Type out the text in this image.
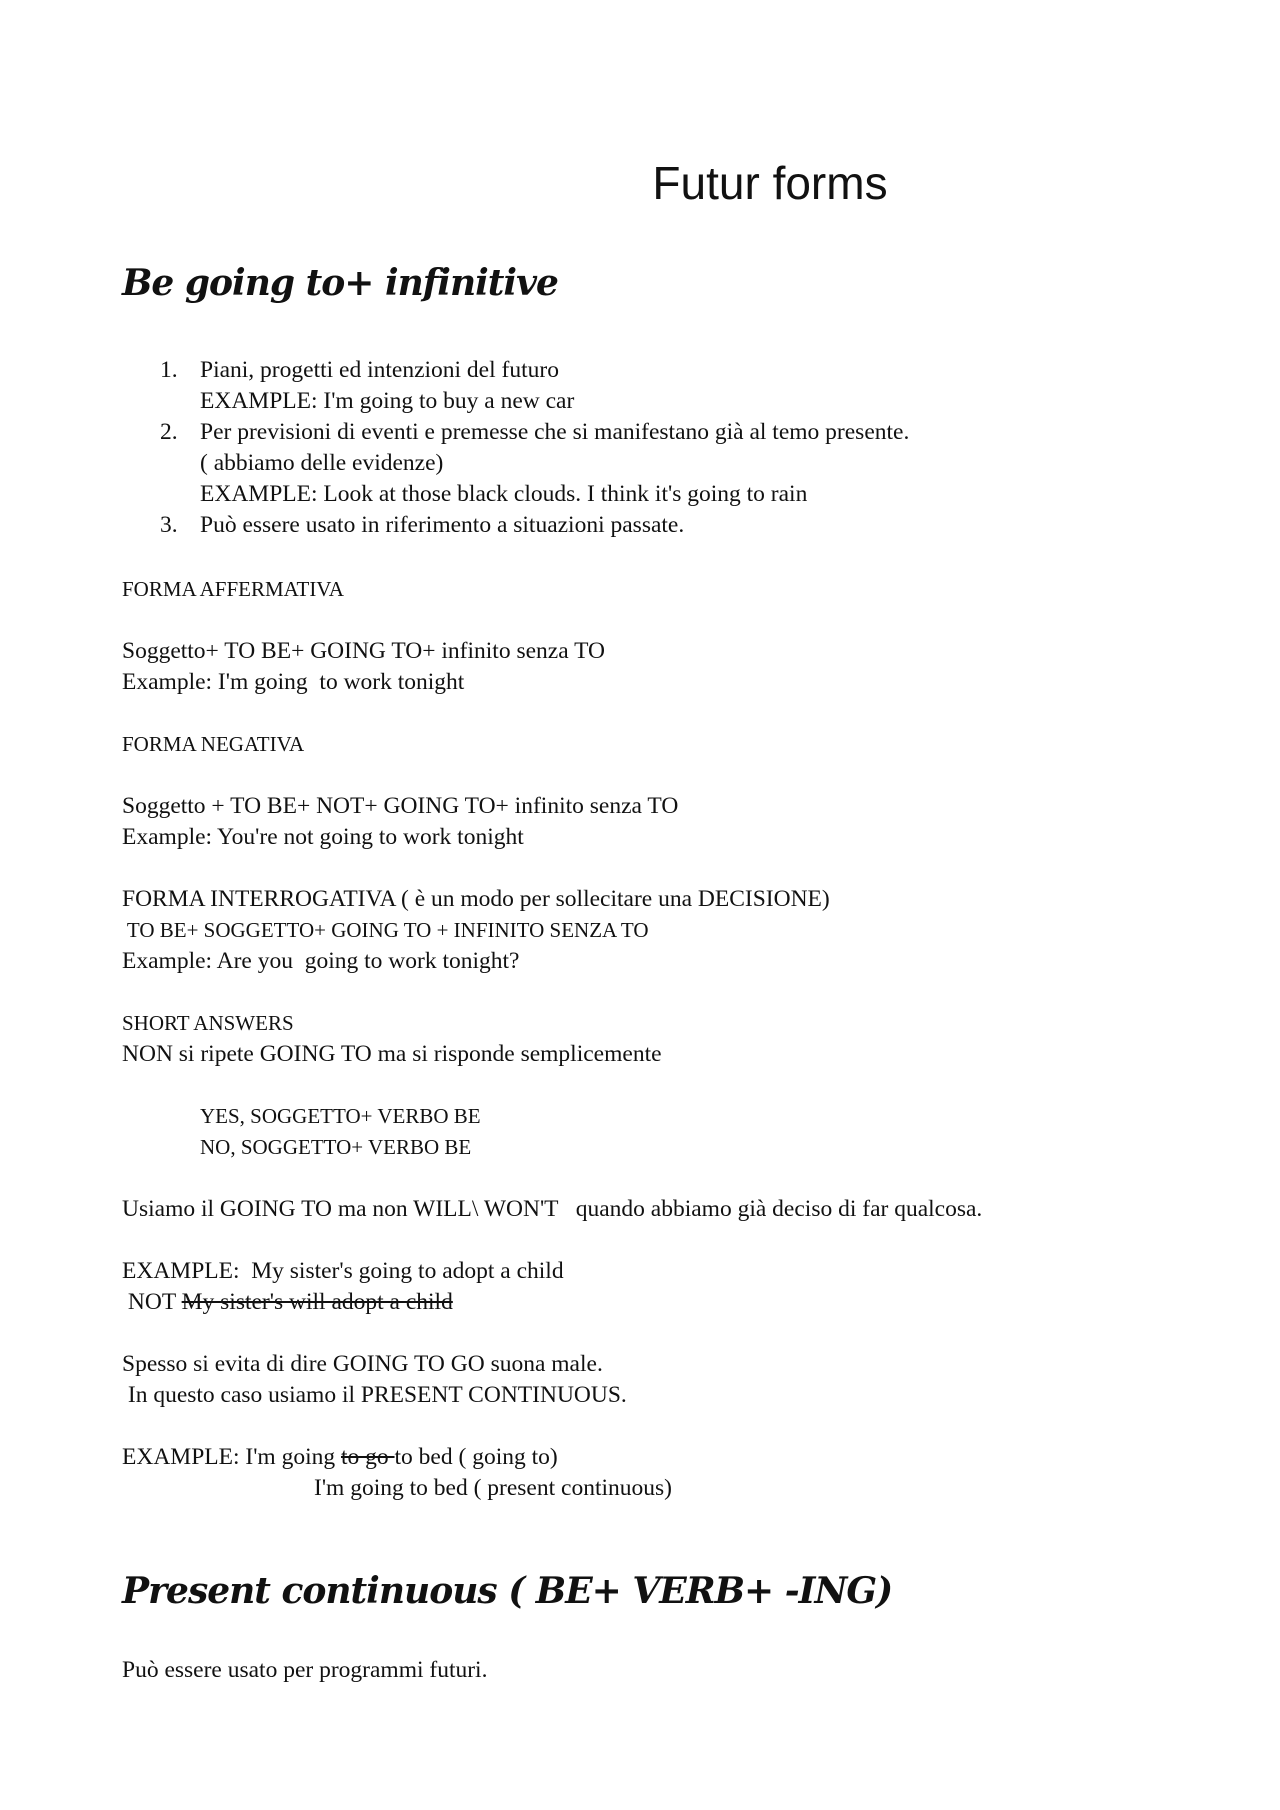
Futur forms
Be going to+ infinitive
1. Piani, progetti ed intenzioni del futuro
EXAMPLE: I'm going to buy a new car
2. Per previsioni di eventi e premesse che si manifestano già al temo presente.
( abbiamo delle evidenze)
EXAMPLE: Look at those black clouds. I think it's going to rain
3. Può essere usato in riferimento a situazioni passate.
FORMA AFFERMATIVA
Soggetto+ TO BE+ GOING TO+ infinito senza TO
Example: I'm going  to work tonight
FORMA NEGATIVA
Soggetto + TO BE+ NOT+ GOING TO+ infinito senza TO
Example: You're not going to work tonight
FORMA INTERROGATIVA ( è un modo per sollecitare una DECISIONE)
TO BE+ SOGGETTO+ GOING TO + INFINITO SENZA TO
Example: Are you  going to work tonight?
SHORT ANSWERS
NON si ripete GOING TO ma si risponde semplicemente
YES, SOGGETTO+ VERBO BE
NO, SOGGETTO+ VERBO BE
Usiamo il GOING TO ma non WILL\ WON'T   quando abbiamo già deciso di far qualcosa.
EXAMPLE:  My sister's going to adopt a child
NOT My sister's will adopt a child
Spesso si evita di dire GOING TO GO suona male.
In questo caso usiamo il PRESENT CONTINUOUS.
EXAMPLE: I'm going to go to bed ( going to)
I'm going to bed ( present continuous)
Present continuous ( BE+ VERB+ -ING)
Può essere usato per programmi futuri.
